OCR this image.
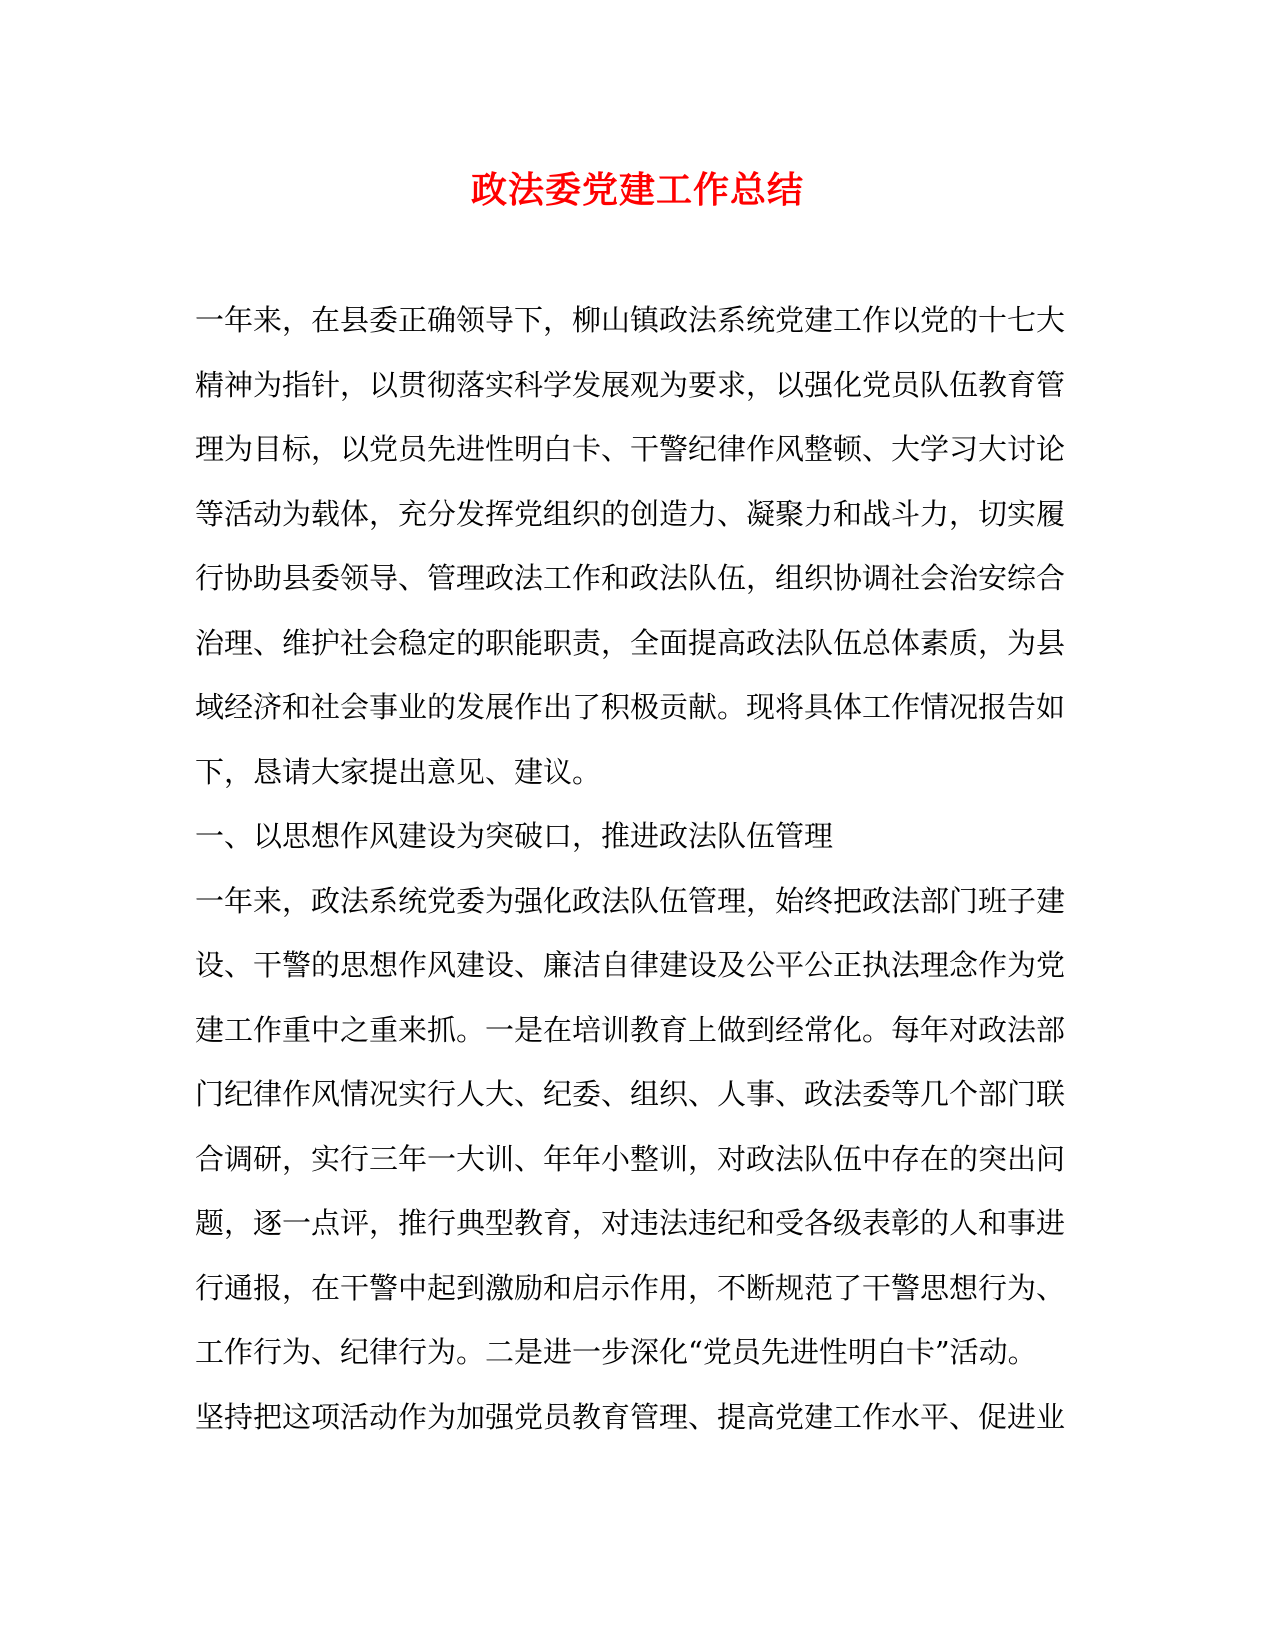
政法委党建工作总结
一年来，在县委正确领导下，柳山镇政法系统党建工作以党的十七大
精神为指针，以贯彻落实科学发展观为要求，以强化党员队伍教育管
理为目标，以党员先进性明白卡、干警纪律作风整顿、大学习大讨论
等活动为载体，充分发挥党组织的创造力、凝聚力和战斗力，切实履
行协助县委领导、管理政法工作和政法队伍，组织协调社会治安综合
治理、维护社会稳定的职能职责，全面提高政法队伍总体素质，为县
域经济和社会事业的发展作出了积极贡献。现将具体工作情况报告如
下，恳请大家提出意见、建议。
一、以思想作风建设为突破口，推进政法队伍管理
一年来，政法系统党委为强化政法队伍管理，始终把政法部门班子建
设、干警的思想作风建设、廉洁自律建设及公平公正执法理念作为党
建工作重中之重来抓。一是在培训教育上做到经常化。每年对政法部
门纪律作风情况实行人大、纪委、组织、人事、政法委等几个部门联
合调研，实行三年一大训、年年小整训，对政法队伍中存在的突出问
题，逐一点评，推行典型教育，对违法违纪和受各级表彰的人和事进
行通报，在干警中起到激励和启示作用，不断规范了干警思想行为、
工作行为、纪律行为。二是进一步深化“党员先进性明白卡”活动。
坚持把这项活动作为加强党员教育管理、提高党建工作水平、促进业
